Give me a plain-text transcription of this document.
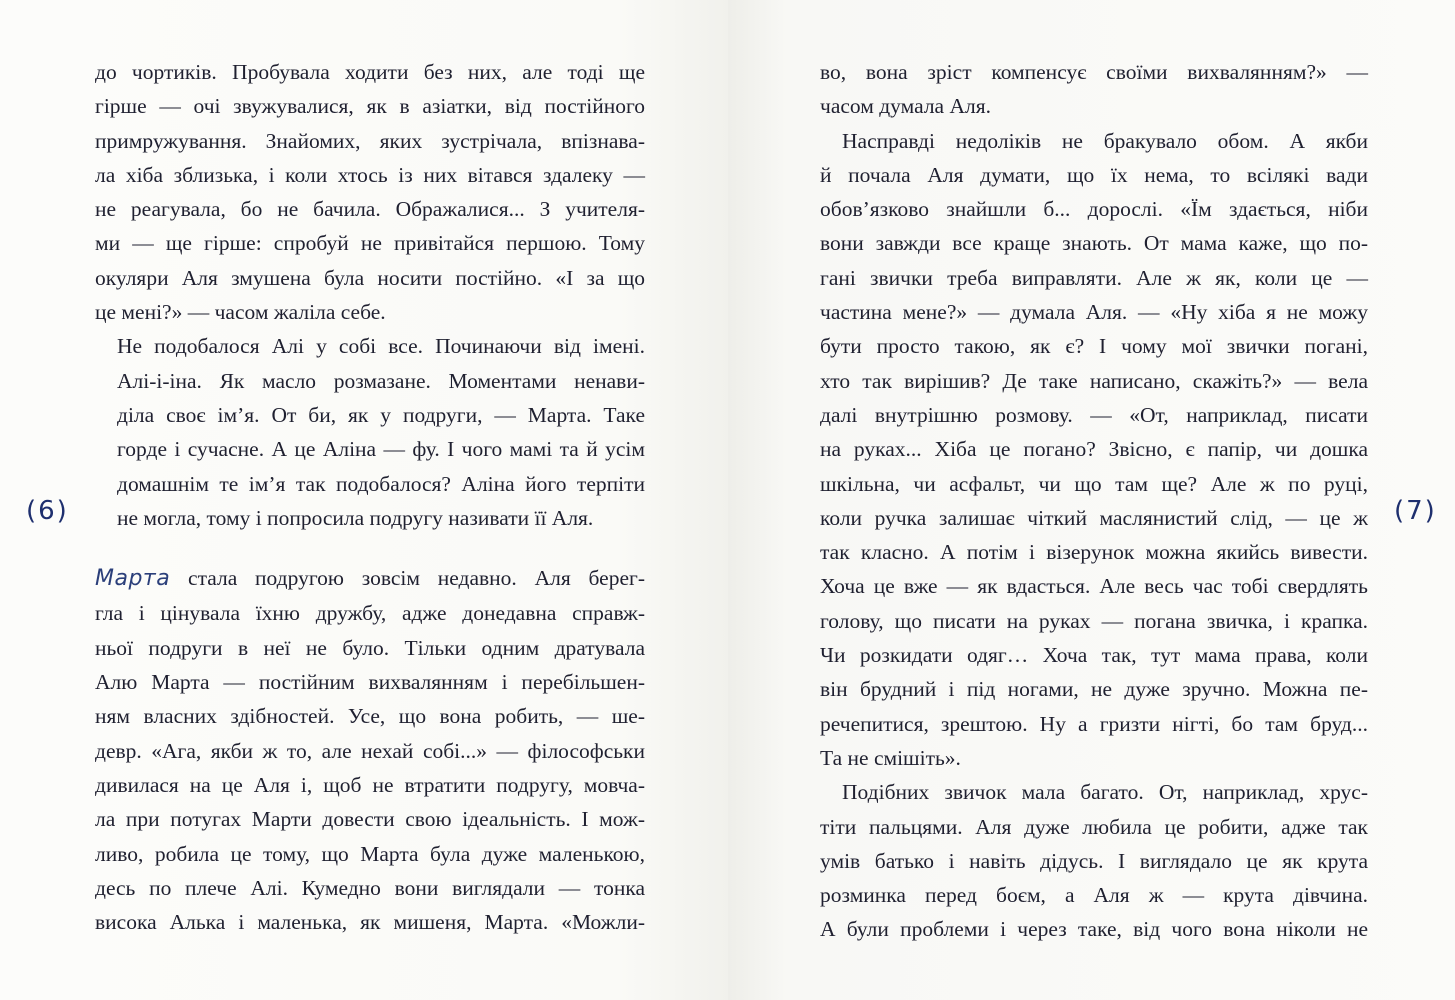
(6)	(7)

до чортиків. Пробувала ходити без них, але тоді ще
гірше — очі звужувалися, як в азіатки, від постійного
примружування. Знайомих, яких зустрічала, впізнава-
ла хіба зблизька, і коли хтось із них вітався здалеку —
не реагувала, бо не бачила. Ображалися... З учителя-
ми — ще гірше: спробуй не привітайся першою. Тому
окуляри Аля змушена була носити постійно. «І за що
це мені?» — часом жаліла себе.

Не подобалося Алі у собі все. Починаючи від імені.
Алі-і-іна. Як масло розмазане. Моментами ненави-
діла своє ім’я. От би, як у подруги, — Марта. Таке
горде і сучасне. А це Аліна — фу. І чого мамі та й усім
домашнім те ім’я так подобалося? Аліна його терпіти
не могла, тому і попросила подругу називати її Аля.

Марта стала подругою зовсім недавно. Аля берег-
гла і цінувала їхню дружбу, адже донедавна справж-
ньої подруги в неї не було. Тільки одним дратувала
Алю Марта — постійним вихвалянням і перебільшен-
ням власних здібностей. Усе, що вона робить, — ше-
девр. «Ага, якби ж то, але нехай собі...» — філософськи
дивилася на це Аля і, щоб не втратити подругу, мовча-
ла при потугах Марти довести свою ідеальність. І мож-
ливо, робила це тому, що Марта була дуже маленькою,
десь по плече Алі. Кумедно вони виглядали — тонка
висока Алька і маленька, як мишеня, Марта. «Можли-

во, вона зріст компенсує своїми вихвалянням?» —
часом думала Аля.

Насправді недоліків не бракувало обом. А якби
й почала Аля думати, що їх нема, то всілякі вади
обов’язково знайшли б... дорослі. «Їм здається, ніби
вони завжди все краще знають. От мама каже, що по-
гані звички треба виправляти. Але ж як, коли це —
частина мене?» — думала Аля. — «Ну хіба я не можу
бути просто такою, як є? І чому мої звички погані,
хто так вирішив? Де таке написано, скажіть?» — вела
далі внутрішню розмову. — «От, наприклад, писати
на руках... Хіба це погано? Звісно, є папір, чи дошка
шкільна, чи асфальт, чи що там ще? Але ж по руці,
коли ручка залишає чіткий маслянистий слід, — це ж
так класно. А потім і візерунок можна якийсь вивести.
Хоча це вже — як вдасться. Але весь час тобі свердлять
голову, що писати на руках — погана звичка, і крапка.
Чи розкидати одяг… Хоча так, тут мама права, коли
він брудний і під ногами, не дуже зручно. Можна пе-
речепитися, зрештою. Ну а гризти нігті, бо там бруд...
Та не смішіть».

Подібних звичок мала багато. От, наприклад, хрус-
тіти пальцями. Аля дуже любила це робити, адже так
умів батько і навіть дідусь. І виглядало це як крута
розминка перед боєм, а Аля ж — крута дівчина.
А були проблеми і через таке, від чого вона ніколи не
